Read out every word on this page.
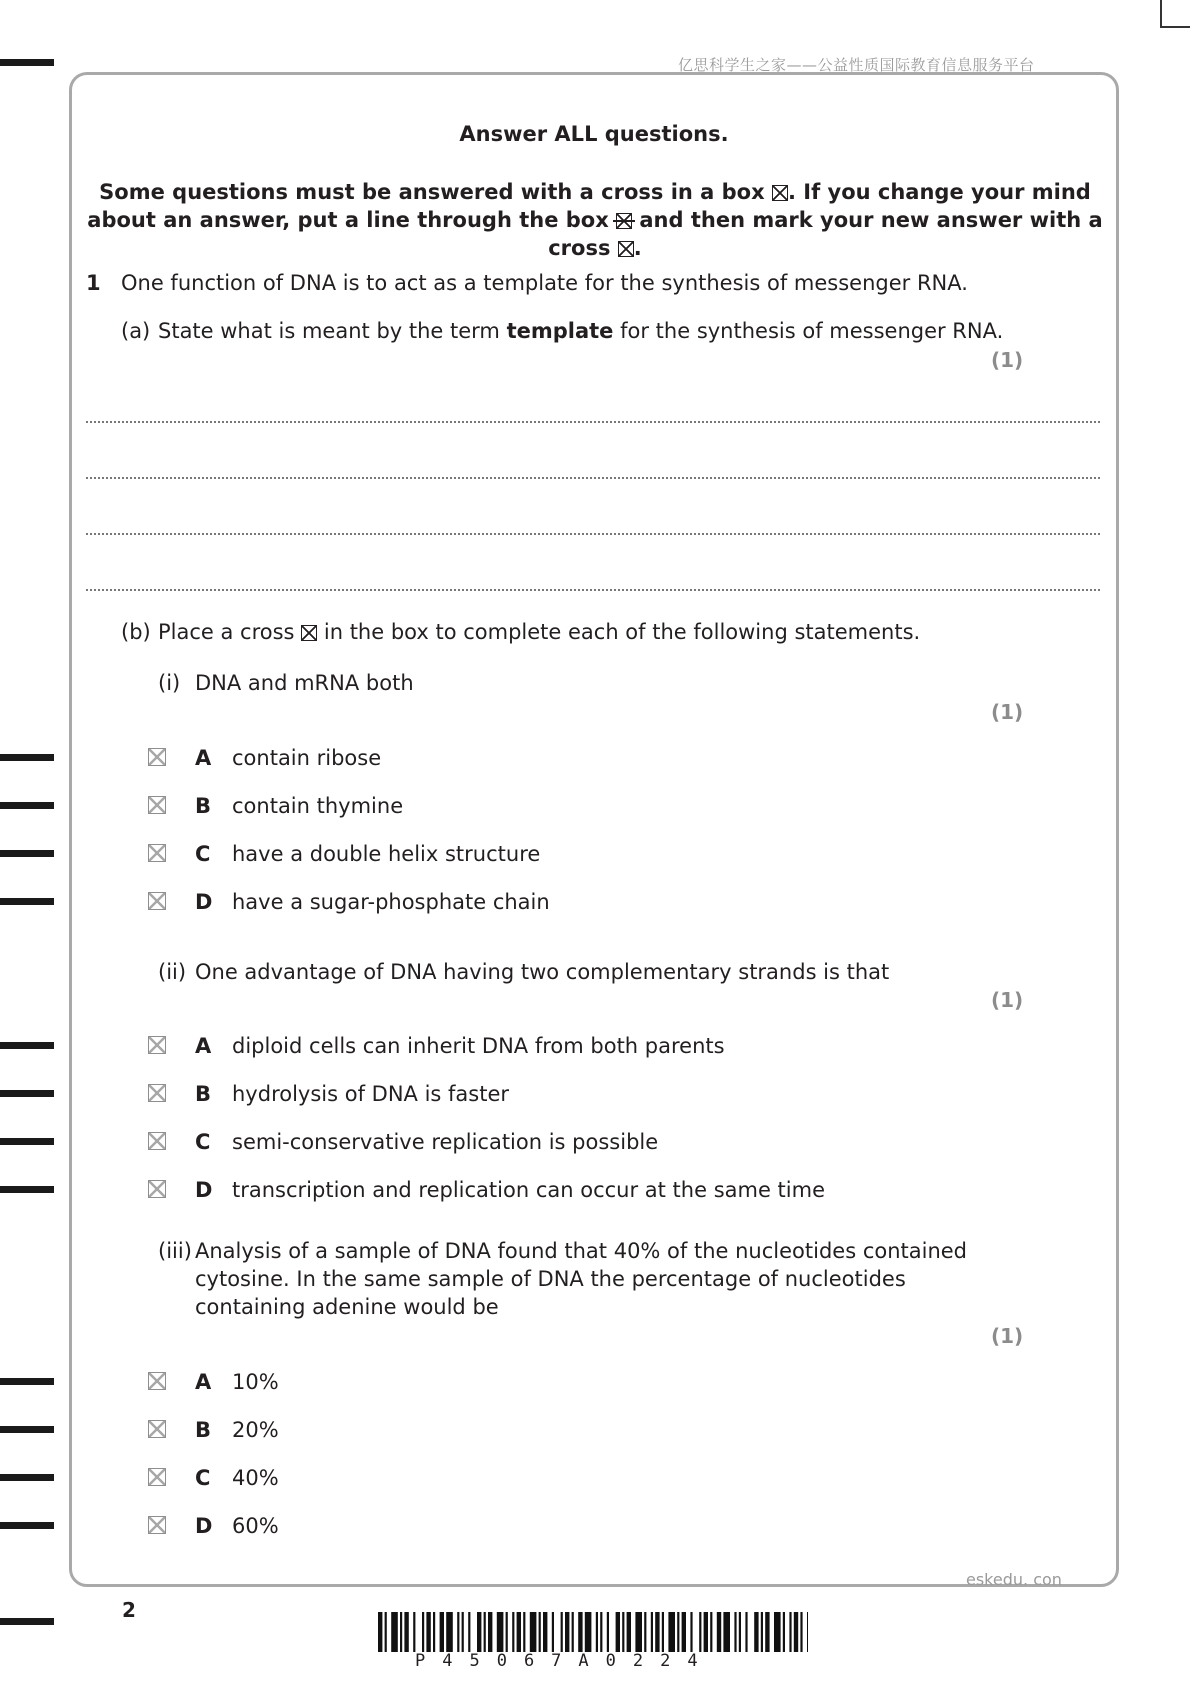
亿思科学生之家——公益性质国际教育信息服务平台
Answer ALL questions.
Some questions must be answered with a cross in a box ☒. If you change your mind about an answer, put a line through the box and then mark your new answer with a cross ☒.
1 One function of DNA is to act as a template for the synthesis of messenger RNA.
(a) State what is meant by the term template for the synthesis of messenger RNA.
(1)
(b) Place a cross ☒ in the box to complete each of the following statements.
(i) DNA and mRNA both
(1)
A contain ribose
B contain thymine
C have a double helix structure
D have a sugar-phosphate chain
(ii) One advantage of DNA having two complementary strands is that
(1)
A diploid cells can inherit DNA from both parents
B hydrolysis of DNA is faster
C semi-conservative replication is possible
D transcription and replication can occur at the same time
(iii) Analysis of a sample of DNA found that 40% of the nucleotides contained
cytosine. In the same sample of DNA the percentage of nucleotides
containing adenine would be
(1)
A 10%
B 20%
C 40%
D 60%
eskedu. con
2
P45067A0224
